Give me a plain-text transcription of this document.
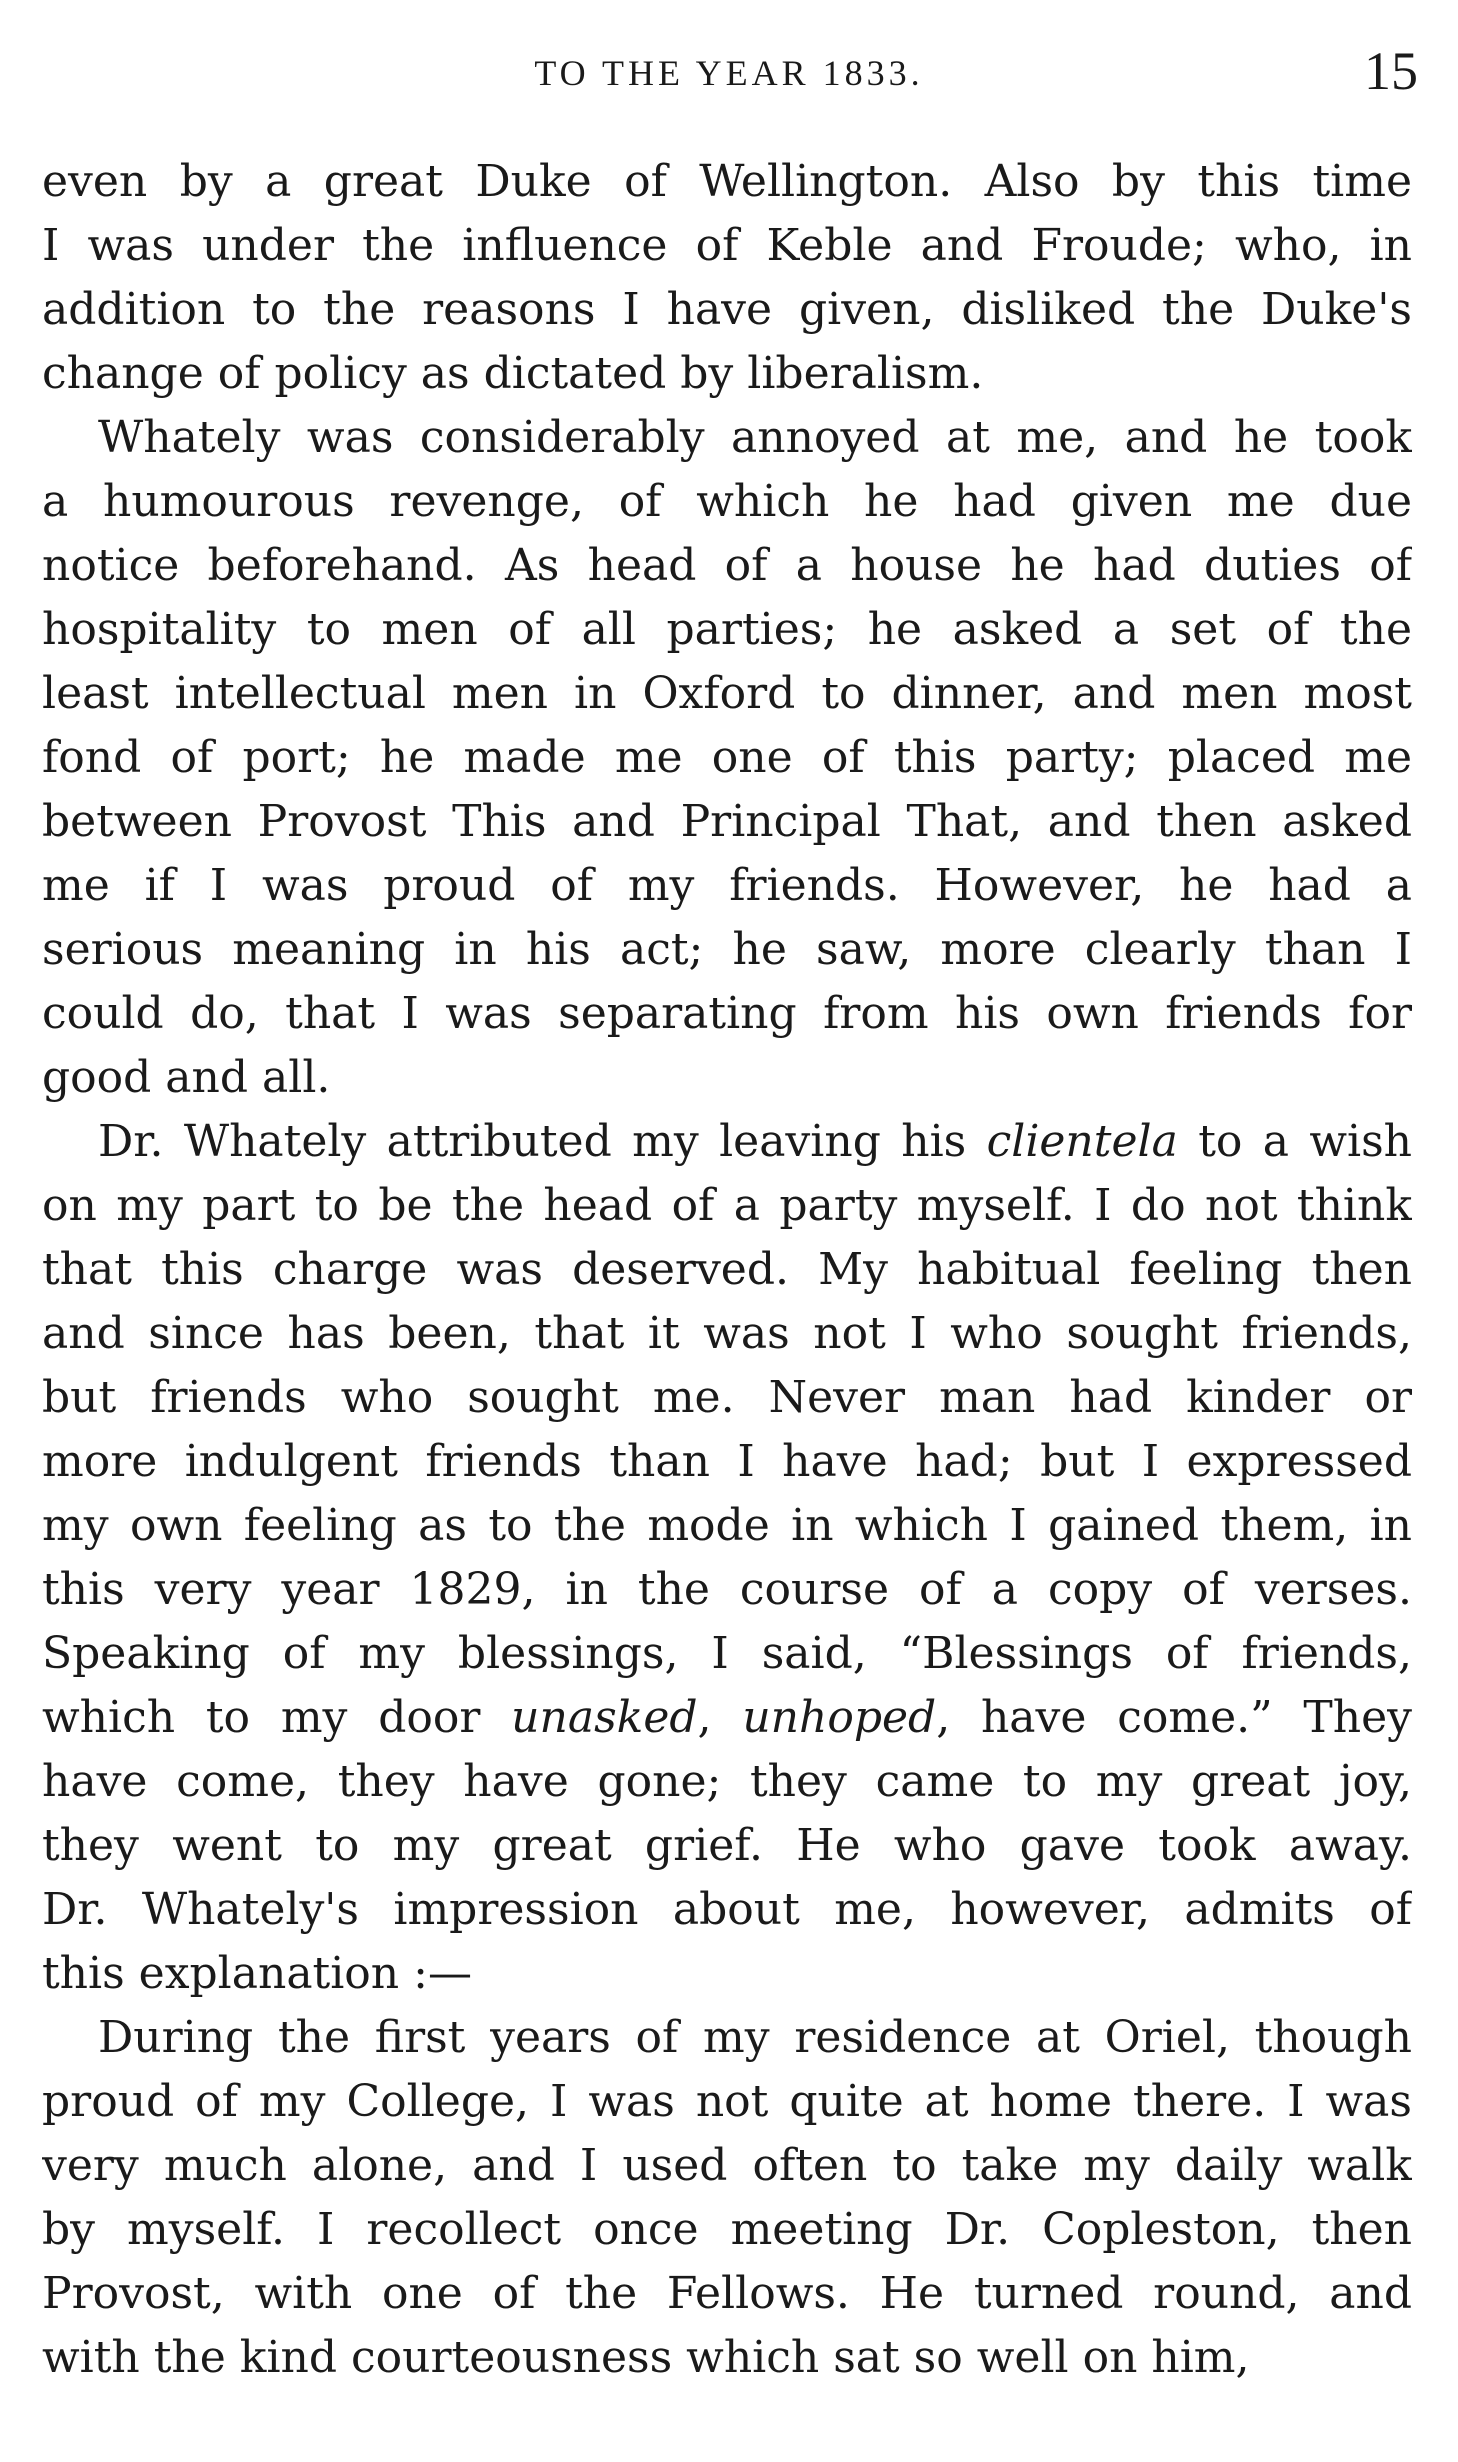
TO THE YEAR 1833.	15
even by a great Duke of Wellington. Also by this time
I was under the influence of Keble and Froude; who, in
addition to the reasons I have given, disliked the Duke's
change of policy as dictated by liberalism.
Whately was considerably annoyed at me, and he took
a humourous revenge, of which he had given me due
notice beforehand. As head of a house he had duties of
hospitality to men of all parties; he asked a set of the
least intellectual men in Oxford to dinner, and men most
fond of port; he made me one of this party; placed me
between Provost This and Principal That, and then asked
me if I was proud of my friends. However, he had a
serious meaning in his act; he saw, more clearly than I
could do, that I was separating from his own friends for
good and all.
Dr. Whately attributed my leaving his clientela to a wish
on my part to be the head of a party myself. I do not think
that this charge was deserved. My habitual feeling then
and since has been, that it was not I who sought friends,
but friends who sought me. Never man had kinder or
more indulgent friends than I have had; but I expressed
my own feeling as to the mode in which I gained them, in
this very year 1829, in the course of a copy of verses.
Speaking of my blessings, I said, “Blessings of friends,
which to my door unasked, unhoped, have come.” They
have come, they have gone; they came to my great joy,
they went to my great grief. He who gave took away.
Dr. Whately's impression about me, however, admits of
this explanation :—
During the first years of my residence at Oriel, though
proud of my College, I was not quite at home there. I was
very much alone, and I used often to take my daily walk
by myself. I recollect once meeting Dr. Copleston, then
Provost, with one of the Fellows. He turned round, and
with the kind courteousness which sat so well on him,
